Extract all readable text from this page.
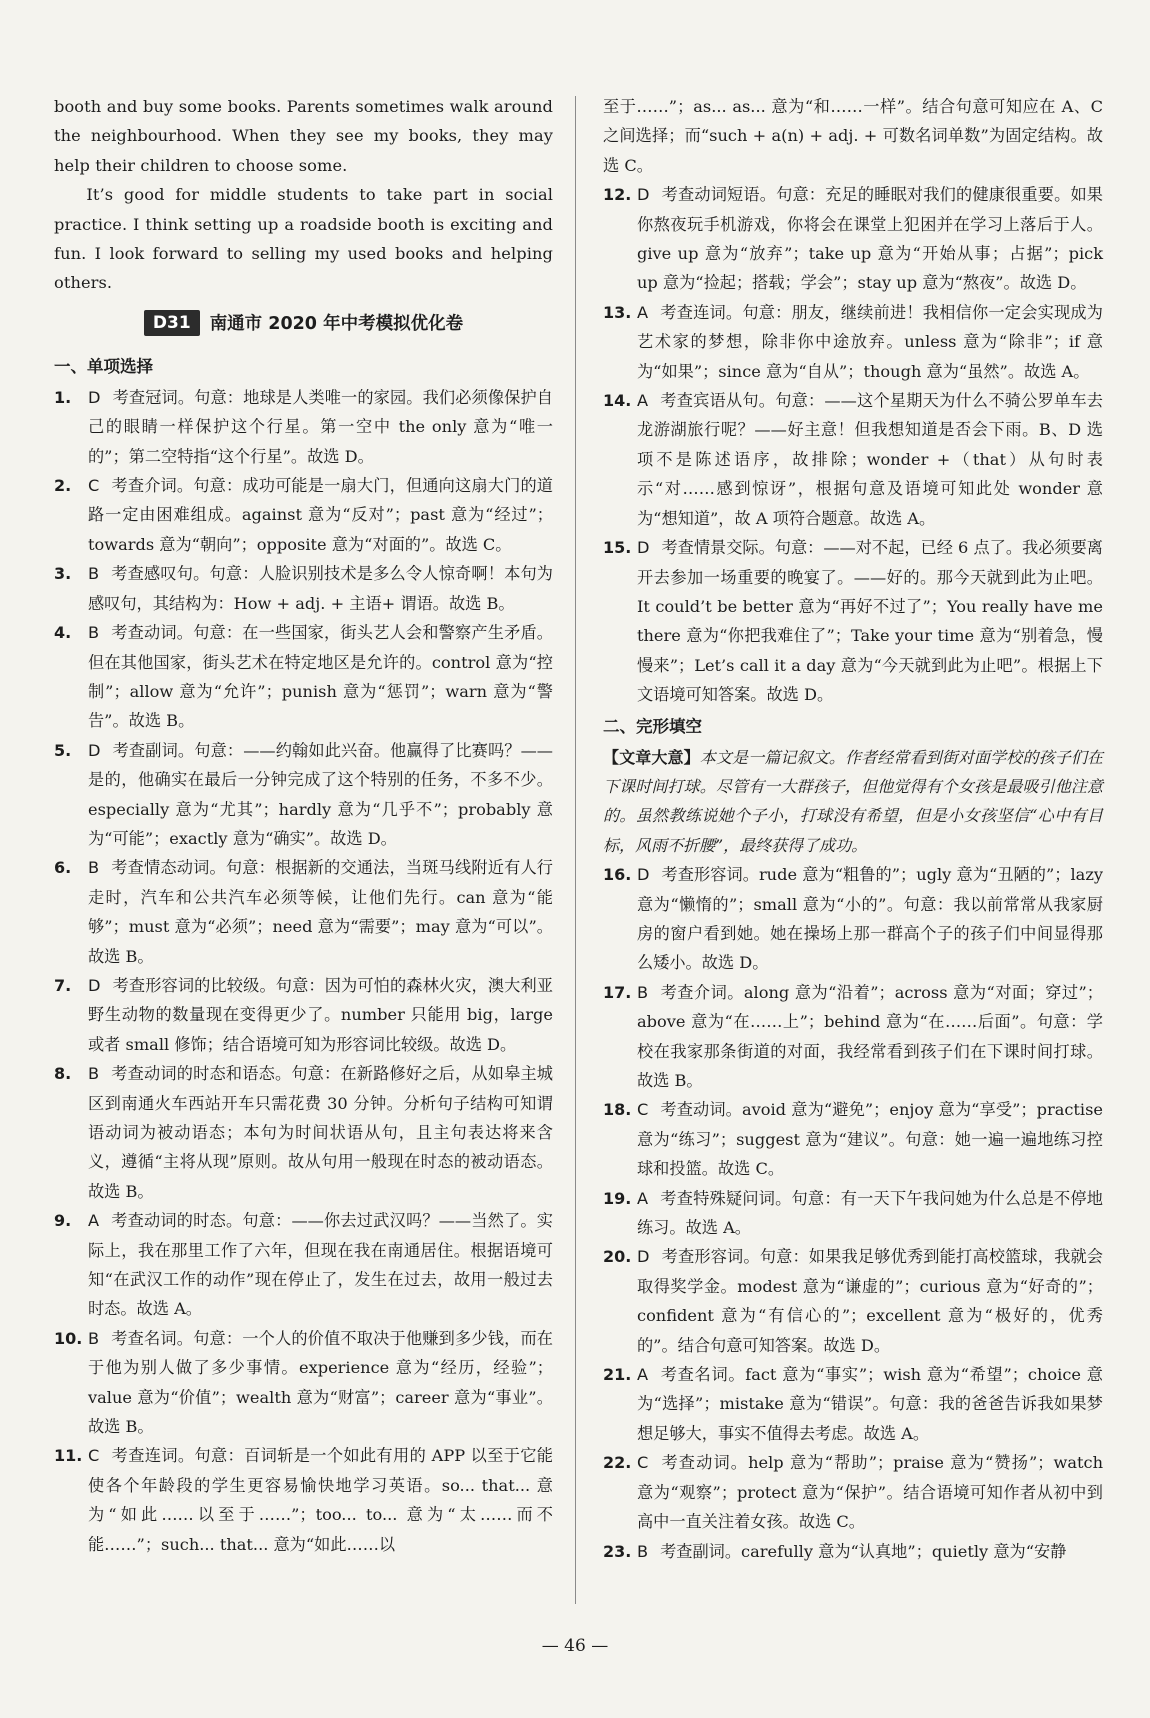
booth and buy some books. Parents sometimes walk around the neighbourhood. When they see my books, they may help their children to choose some.

It’s good for middle students to take part in social practice. I think setting up a roadside booth is exciting and fun. I look forward to selling my used books and helping others.

D31	南通市 2020 年中考模拟优化卷
一、单项选择

1. D 考查冠词。句意：地球是人类唯一的家园。我们必须像保护自己的眼睛一样保护这个行星。第一空中 the only 意为“唯一的”；第二空特指“这个行星”。故选 D。

2. C 考查介词。句意：成功可能是一扇大门，但通向这扇大门的道路一定由困难组成。against 意为“反对”；past 意为“经过”；towards 意为“朝向”；opposite 意为“对面的”。故选 C。

3. B 考查感叹句。句意：人脸识别技术是多么令人惊奇啊！本句为感叹句，其结构为：How + adj. + 主语+ 谓语。故选 B。

4. B 考查动词。句意：在一些国家，街头艺人会和警察产生矛盾。但在其他国家，街头艺术在特定地区是允许的。control 意为“控制”；allow 意为“允许”；punish 意为“惩罚”；warn 意为“警告”。故选 B。

5. D 考查副词。句意：——约翰如此兴奋。他赢得了比赛吗？——是的，他确实在最后一分钟完成了这个特别的任务，不多不少。especially 意为“尤其”；hardly 意为“几乎不”；probably 意为“可能”；exactly 意为“确实”。故选 D。

6. B 考查情态动词。句意：根据新的交通法，当斑马线附近有人行走时，汽车和公共汽车必须等候，让他们先行。can 意为“能够”；must 意为“必须”；need 意为“需要”；may 意为“可以”。故选 B。

7. D 考查形容词的比较级。句意：因为可怕的森林火灾，澳大利亚野生动物的数量现在变得更少了。number 只能用 big，large 或者 small 修饰；结合语境可知为形容词比较级。故选 D。

8. B 考查动词的时态和语态。句意：在新路修好之后，从如皋主城区到南通火车西站开车只需花费 30 分钟。分析句子结构可知谓语动词为被动语态；本句为时间状语从句，且主句表达将来含义，遵循“主将从现”原则。故从句用一般现在时态的被动语态。故选 B。

9. A 考查动词的时态。句意：——你去过武汉吗？——当然了。实际上，我在那里工作了六年，但现在我在南通居住。根据语境可知“在武汉工作的动作”现在停止了，发生在过去，故用一般过去时态。故选 A。

10. B 考查名词。句意：一个人的价值不取决于他赚到多少钱，而在于他为别人做了多少事情。experience 意为“经历，经验”；value 意为“价值”；wealth 意为“财富”；career 意为“事业”。故选 B。

11. C 考查连词。句意：百词斩是一个如此有用的 APP 以至于它能使各个年龄段的学生更容易愉快地学习英语。so... that... 意为“如此……以至于……”；too... to... 意为“太……而不能……”；such... that... 意为“如此……以

至于……”；as... as... 意为“和……一样”。结合句意可知应在 A、C 之间选择；而“such + a(n) + adj. + 可数名词单数”为固定结构。故选 C。

12. D 考查动词短语。句意：充足的睡眠对我们的健康很重要。如果你熬夜玩手机游戏，你将会在课堂上犯困并在学习上落后于人。give up 意为“放弃”；take up 意为“开始从事；占据”；pick up 意为“捡起；搭载；学会”；stay up 意为“熬夜”。故选 D。

13. A 考查连词。句意：朋友，继续前进！我相信你一定会实现成为艺术家的梦想，除非你中途放弃。unless 意为“除非”；if 意为“如果”；since 意为“自从”；though 意为“虽然”。故选 A。

14. A 考查宾语从句。句意：——这个星期天为什么不骑公罗单车去龙游湖旅行呢？——好主意！但我想知道是否会下雨。B、D 选项不是陈述语序，故排除；wonder +（that）从句时表示“对……感到惊讶”，根据句意及语境可知此处 wonder 意为“想知道”，故 A 项符合题意。故选 A。

15. D 考查情景交际。句意：——对不起，已经 6 点了。我必须要离开去参加一场重要的晚宴了。——好的。那今天就到此为止吧。It could’t be better 意为“再好不过了”；You really have me there 意为“你把我难住了”；Take your time 意为“别着急，慢慢来”；Let’s call it a day 意为“今天就到此为止吧”。根据上下文语境可知答案。故选 D。

二、完形填空

【文章大意】本文是一篇记叙文。作者经常看到街对面学校的孩子们在下课时间打球。尽管有一大群孩子，但他觉得有个女孩是最吸引他注意的。虽然教练说她个子小，打球没有希望，但是小女孩坚信“心中有目标，风雨不折腰”，最终获得了成功。

16. D 考查形容词。rude 意为“粗鲁的”；ugly 意为“丑陋的”；lazy 意为“懒惰的”；small 意为“小的”。句意：我以前常常从我家厨房的窗户看到她。她在操场上那一群高个子的孩子们中间显得那么矮小。故选 D。

17. B 考查介词。along 意为“沿着”；across 意为“对面；穿过”；above 意为“在……上”；behind 意为“在……后面”。句意：学校在我家那条街道的对面，我经常看到孩子们在下课时间打球。故选 B。

18. C 考查动词。avoid 意为“避免”；enjoy 意为“享受”；practise 意为“练习”；suggest 意为“建议”。句意：她一遍一遍地练习控球和投篮。故选 C。

19. A 考查特殊疑问词。句意：有一天下午我问她为什么总是不停地练习。故选 A。

20. D 考查形容词。句意：如果我足够优秀到能打高校篮球，我就会取得奖学金。modest 意为“谦虚的”；curious 意为“好奇的”；confident 意为“有信心的”；excellent 意为“极好的，优秀的”。结合句意可知答案。故选 D。

21. A 考查名词。fact 意为“事实”；wish 意为“希望”；choice 意为“选择”；mistake 意为“错误”。句意：我的爸爸告诉我如果梦想足够大，事实不值得去考虑。故选 A。

22. C 考查动词。help 意为“帮助”；praise 意为“赞扬”；watch 意为“观察”；protect 意为“保护”。结合语境可知作者从初中到高中一直关注着女孩。故选 C。

23. B 考查副词。carefully 意为“认真地”；quietly 意为“安静

— 46 —
